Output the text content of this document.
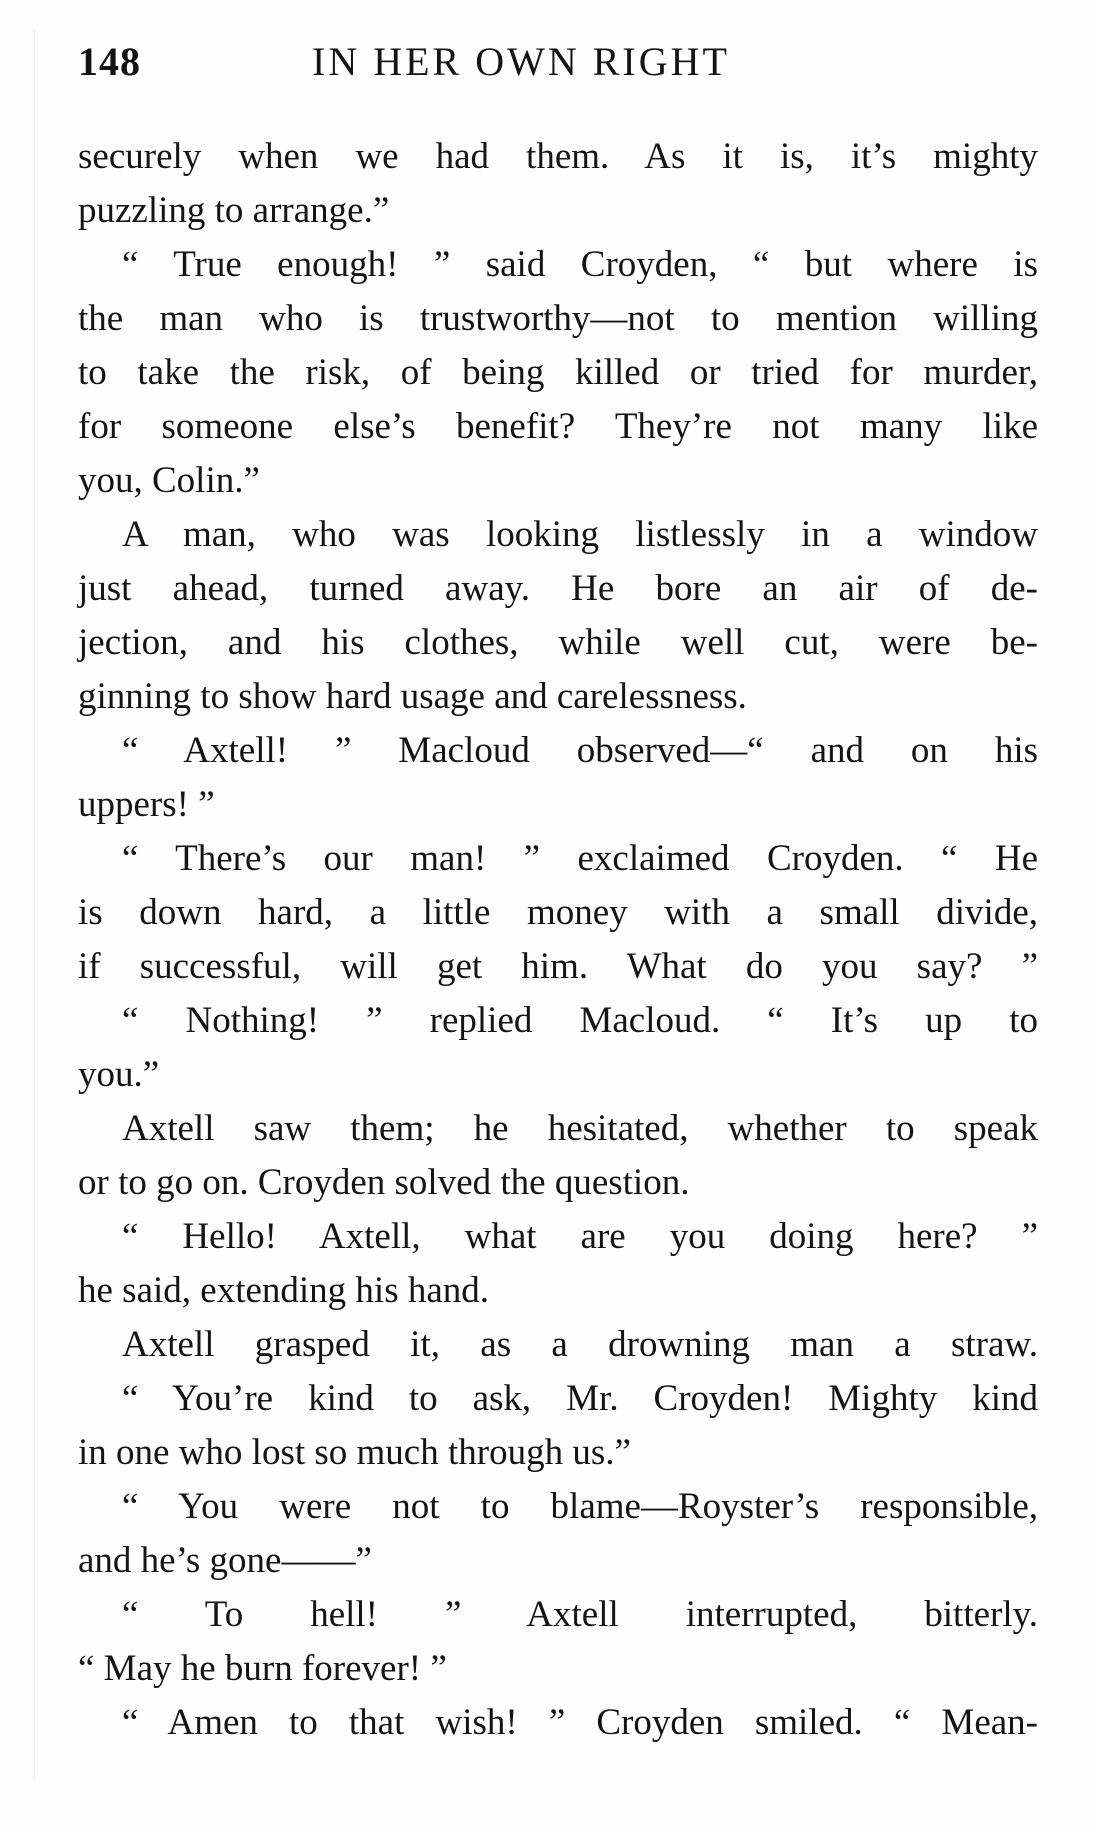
148	IN HER OWN RIGHT
securely when we had them. As it is, it’s mighty
puzzling to arrange.”
“ True enough! ” said Croyden, “ but where is
the man who is trustworthy—not to mention willing
to take the risk, of being killed or tried for murder,
for someone else’s benefit? They’re not many like
you, Colin.”
A man, who was looking listlessly in a window
just ahead, turned away. He bore an air of de-
jection, and his clothes, while well cut, were be-
ginning to show hard usage and carelessness.
“ Axtell! ” Macloud observed—“ and on his
uppers! ”
“ There’s our man! ” exclaimed Croyden. “ He
is down hard, a little money with a small divide,
if successful, will get him. What do you say? ”
“ Nothing! ” replied Macloud. “ It’s up to
you.”
Axtell saw them; he hesitated, whether to speak
or to go on. Croyden solved the question.
“ Hello! Axtell, what are you doing here? ”
he said, extending his hand.
Axtell grasped it, as a drowning man a straw.
“ You’re kind to ask, Mr. Croyden! Mighty kind
in one who lost so much through us.”
“ You were not to blame—Royster’s responsible,
and he’s gone——”
“ To hell! ” Axtell interrupted, bitterly.
“ May he burn forever! ”
“ Amen to that wish! ” Croyden smiled. “ Mean-
